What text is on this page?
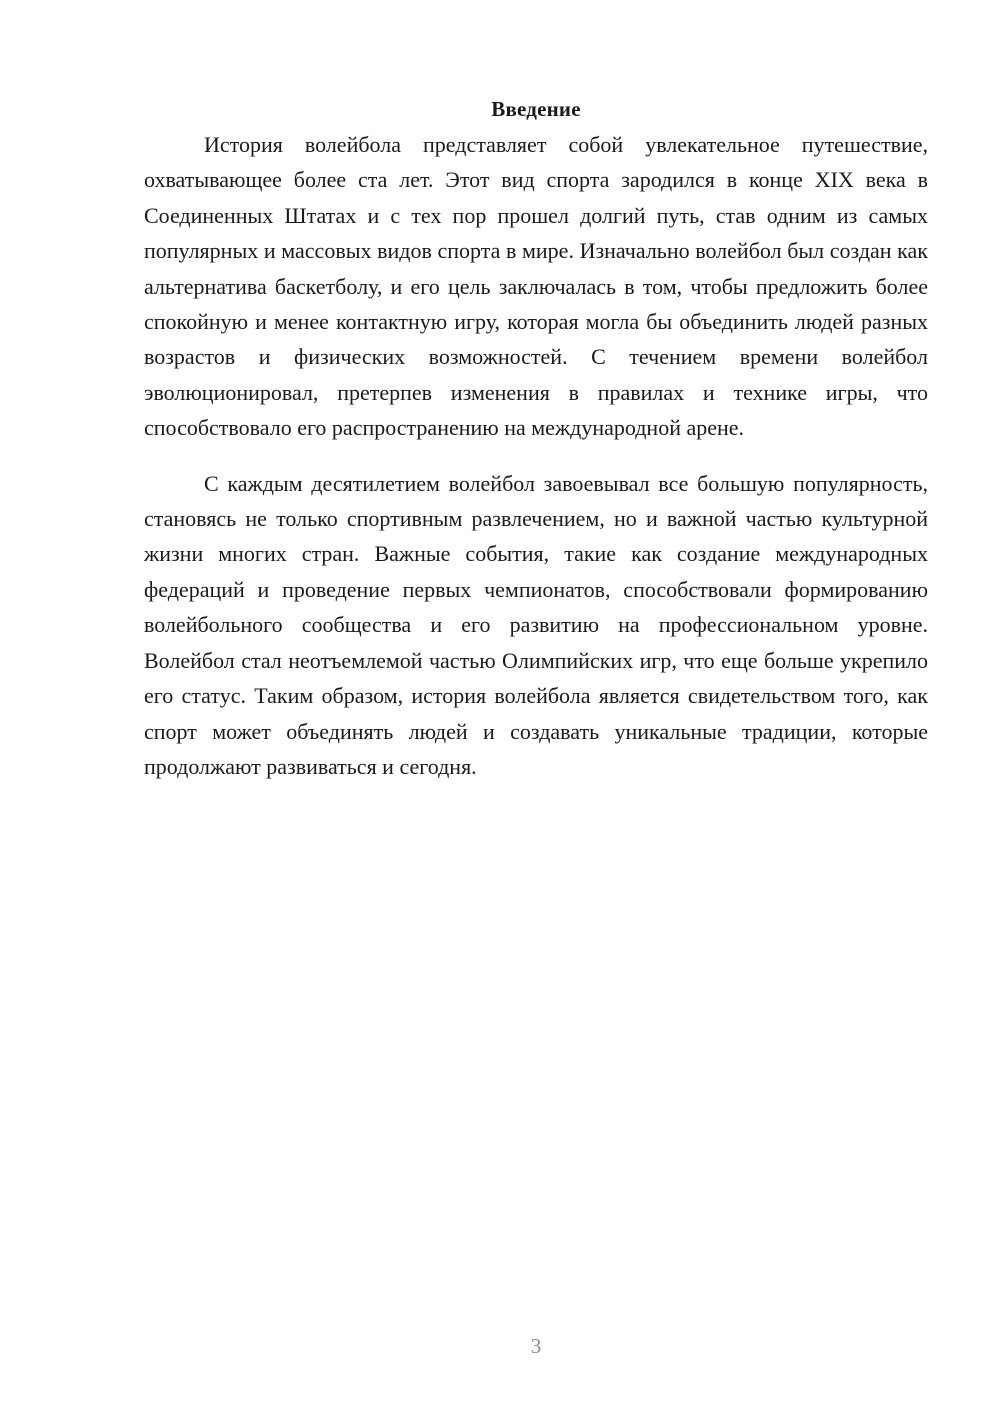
Введение

История волейбола представляет собой увлекательное путешествие, охватывающее более ста лет. Этот вид спорта зародился в конце XIX века в Соединенных Штатах и с тех пор прошел долгий путь, став одним из самых популярных и массовых видов спорта в мире. Изначально волейбол был создан как альтернатива баскетболу, и его цель заключалась в том, чтобы предложить более спокойную и менее контактную игру, которая могла бы объединить людей разных возрастов и физических возможностей. С течением времени волейбол эволюционировал, претерпев изменения в правилах и технике игры, что способствовало его распространению на международной арене.

С каждым десятилетием волейбол завоевывал все большую популярность, становясь не только спортивным развлечением, но и важной частью культурной жизни многих стран. Важные события, такие как создание международных федераций и проведение первых чемпионатов, способствовали формированию волейбольного сообщества и его развитию на профессиональном уровне. Волейбол стал неотъемлемой частью Олимпийских игр, что еще больше укрепило его статус. Таким образом, история волейбола является свидетельством того, как спорт может объединять людей и создавать уникальные традиции, которые продолжают развиваться и сегодня.

3
